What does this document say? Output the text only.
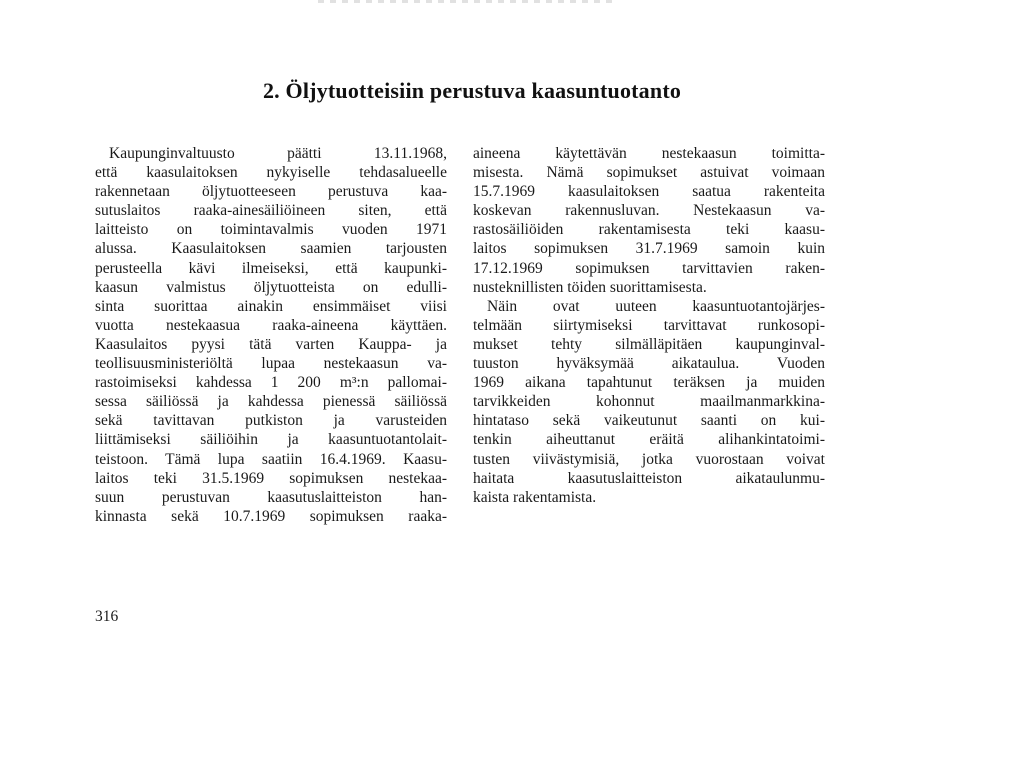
2. Öljytuotteisiin perustuva kaasuntuotanto
Kaupunginvaltuusto päätti 13.11.1968,
että kaasulaitoksen nykyiselle tehdasalueelle
rakennetaan öljytuotteeseen perustuva kaa-
sutuslaitos raaka-ainesäiliöineen siten, että
laitteisto on toimintavalmis vuoden 1971
alussa. Kaasulaitoksen saamien tarjousten
perusteella kävi ilmeiseksi, että kaupunki-
kaasun valmistus öljytuotteista on edulli-
sinta suorittaa ainakin ensimmäiset viisi
vuotta nestekaasua raaka-aineena käyttäen.
Kaasulaitos pyysi tätä varten Kauppa- ja
teollisuusministeriöltä lupaa nestekaasun va-
rastoimiseksi kahdessa 1 200 m³:n pallomai-
sessa säiliössä ja kahdessa pienessä säiliössä
sekä tavittavan putkiston ja varusteiden
liittämiseksi säiliöihin ja kaasuntuotantolait-
teistoon. Tämä lupa saatiin 16.4.1969. Kaasu-
laitos teki 31.5.1969 sopimuksen nestekaa-
suun perustuvan kaasutuslaitteiston han-
kinnasta sekä 10.7.1969 sopimuksen raaka-
aineena käytettävän nestekaasun toimitta-
misesta. Nämä sopimukset astuivat voimaan
15.7.1969 kaasulaitoksen saatua rakenteita
koskevan rakennusluvan. Nestekaasun va-
rastosäiliöiden rakentamisesta teki kaasu-
laitos sopimuksen 31.7.1969 samoin kuin
17.12.1969 sopimuksen tarvittavien raken-
nusteknillisten töiden suorittamisesta.
Näin ovat uuteen kaasuntuotantojärjes-
telmään siirtymiseksi tarvittavat runkosopi-
mukset tehty silmälläpitäen kaupunginval-
tuuston hyväksymää aikataulua. Vuoden
1969 aikana tapahtunut teräksen ja muiden
tarvikkeiden kohonnut maailmanmarkkina-
hintataso sekä vaikeutunut saanti on kui-
tenkin aiheuttanut eräitä alihankintatoimi-
tusten viivästymisiä, jotka vuorostaan voivat
haitata kaasutuslaitteiston aikataulunmu-
kaista rakentamista.
316
